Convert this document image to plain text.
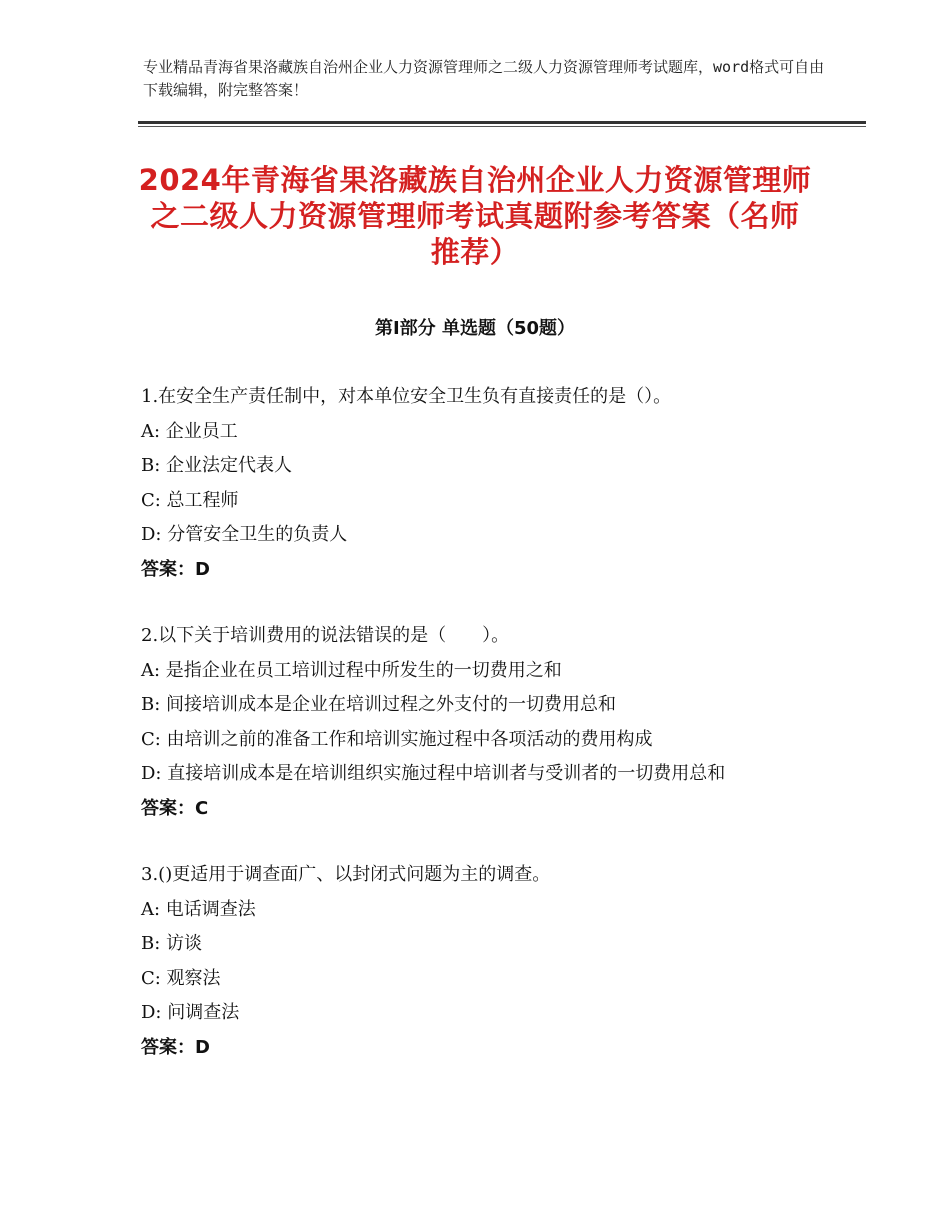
专业精品青海省果洛藏族自治州企业人力资源管理师之二级人力资源管理师考试题库，word格式可自由下载编辑，附完整答案！
2024年青海省果洛藏族自治州企业人力资源管理师之二级人力资源管理师考试真题附参考答案（名师推荐）
第Ⅰ部分 单选题（50题）
1.在安全生产责任制中，对本单位安全卫生负有直接责任的是（）。
A: 企业员工
B: 企业法定代表人
C: 总工程师
D: 分管安全卫生的负责人
答案：D
2.以下关于培训费用的说法错误的是（　　）。
A: 是指企业在员工培训过程中所发生的一切费用之和
B: 间接培训成本是企业在培训过程之外支付的一切费用总和
C: 由培训之前的准备工作和培训实施过程中各项活动的费用构成
D: 直接培训成本是在培训组织实施过程中培训者与受训者的一切费用总和
答案：C
3.()更适用于调查面广、以封闭式问题为主的调查。
A: 电话调查法
B: 访谈
C: 观察法
D: 问调查法
答案：D
